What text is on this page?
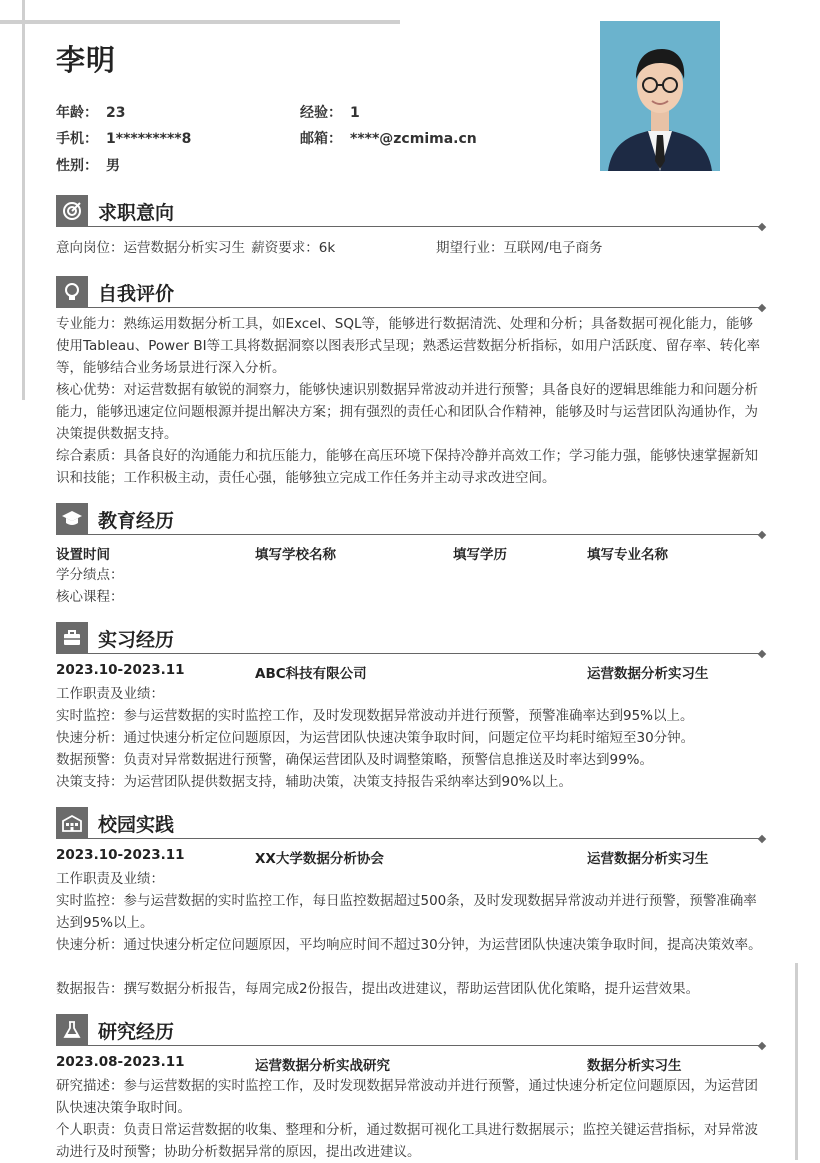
李明
年龄： 23	经验： 1
手机： 1*********8	邮箱： ****@zcmima.cn
性别： 男
求职意向
意向岗位：运营数据分析实习生 薪资要求：6k	期望行业：互联网/电子商务
自我评价
专业能力：熟练运用数据分析工具，如Excel、SQL等，能够进行数据清洗、处理和分析；具备数据可视化能力，能够使用Tableau、Power BI等工具将数据洞察以图表形式呈现；熟悉运营数据分析指标，如用户活跃度、留存率、转化率等，能够结合业务场景进行深入分析。
核心优势：对运营数据有敏锐的洞察力，能够快速识别数据异常波动并进行预警；具备良好的逻辑思维能力和问题分析能力，能够迅速定位问题根源并提出解决方案；拥有强烈的责任心和团队合作精神，能够及时与运营团队沟通协作，为决策提供数据支持。
综合素质：具备良好的沟通能力和抗压能力，能够在高压环境下保持冷静并高效工作；学习能力强，能够快速掌握新知识和技能；工作积极主动，责任心强，能够独立完成工作任务并主动寻求改进空间。
教育经历
设置时间	填写学校名称	填写学历	填写专业名称
学分绩点：
核心课程：
实习经历
2023.10-2023.11	ABC科技有限公司	运营数据分析实习生
工作职责及业绩：
实时监控：参与运营数据的实时监控工作，及时发现数据异常波动并进行预警，预警准确率达到95%以上。
快速分析：通过快速分析定位问题原因，为运营团队快速决策争取时间，问题定位平均耗时缩短至30分钟。
数据预警：负责对异常数据进行预警，确保运营团队及时调整策略，预警信息推送及时率达到99%。
决策支持：为运营团队提供数据支持，辅助决策，决策支持报告采纳率达到90%以上。
校园实践
2023.10-2023.11	XX大学数据分析协会	运营数据分析实习生
工作职责及业绩：
实时监控：参与运营数据的实时监控工作，每日监控数据超过500条，及时发现数据异常波动并进行预警，预警准确率达到95%以上。
快速分析：通过快速分析定位问题原因，平均响应时间不超过30分钟，为运营团队快速决策争取时间，提高决策效率。
数据报告：撰写数据分析报告，每周完成2份报告，提出改进建议，帮助运营团队优化策略，提升运营效果。
研究经历
2023.08-2023.11	运营数据分析实战研究	数据分析实习生
研究描述：参与运营数据的实时监控工作，及时发现数据异常波动并进行预警，通过快速分析定位问题原因，为运营团队快速决策争取时间。
个人职责：负责日常运营数据的收集、整理和分析，通过数据可视化工具进行数据展示；监控关键运营指标，对异常波动进行及时预警；协助分析数据异常的原因，提出改进建议。
